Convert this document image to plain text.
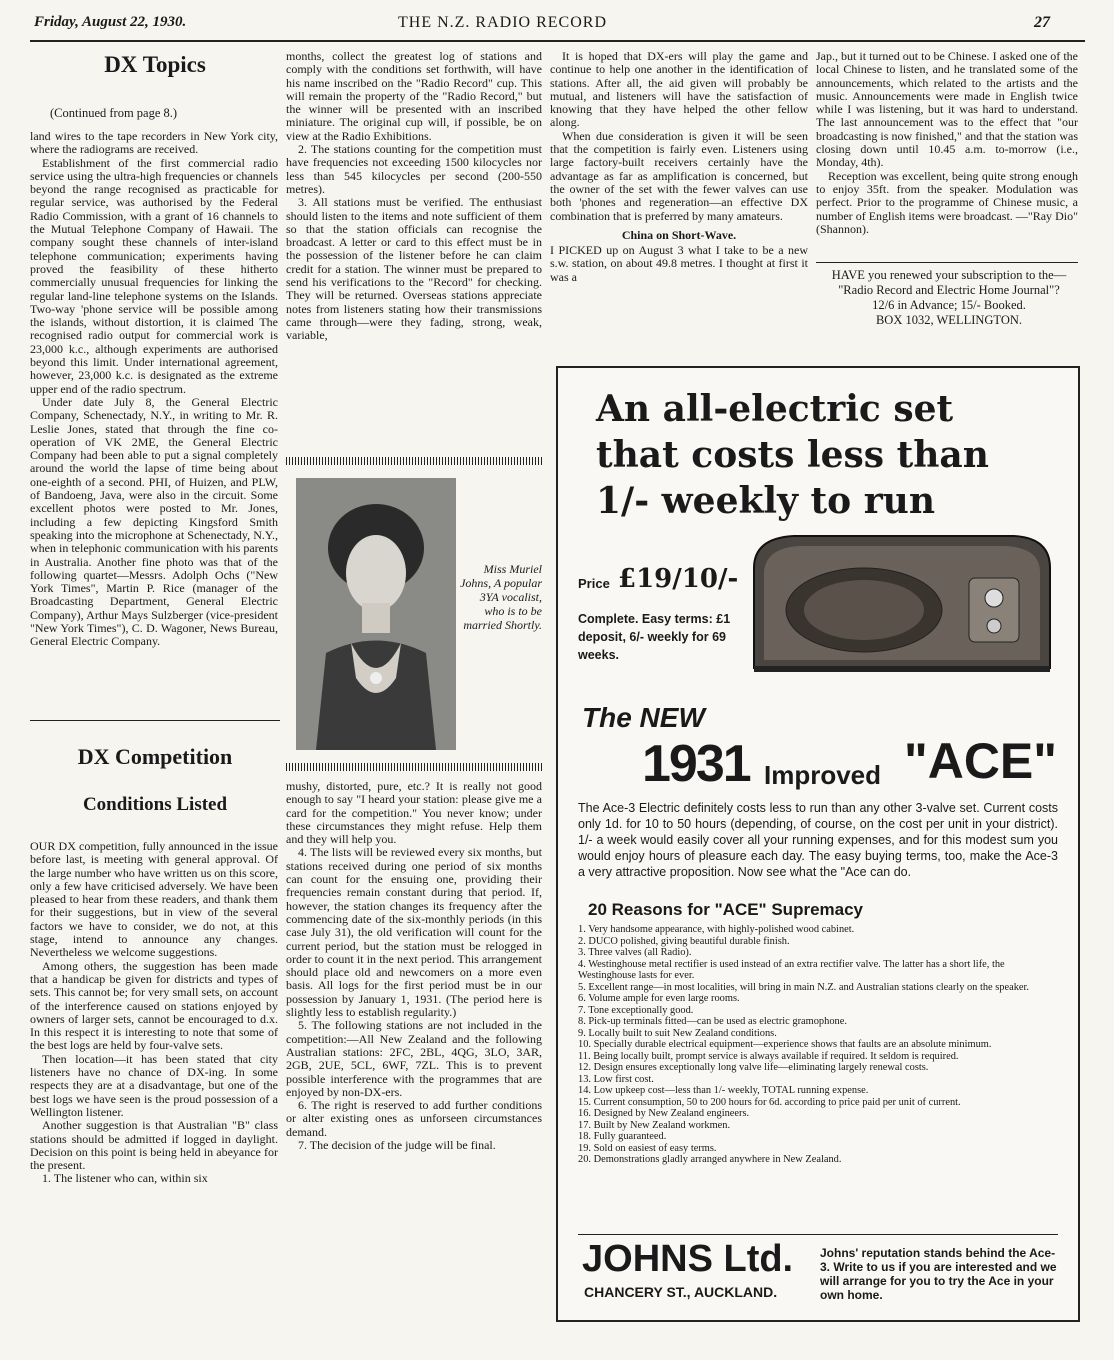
Friday, August 22, 1930.	THE N.Z. RADIO RECORD	27
DX Topics
(Continued from page 8.)

land wires to the tape recorders in New York city, where the radiograms are received.

Establishment of the first commercial radio service using the ultra-high frequencies or channels beyond the range recognised as practicable for regular service, was authorised by the Federal Radio Commission, with a grant of 16 channels to the Mutual Telephone Company of Hawaii. The company sought these channels of inter-island telephone communication; experiments having proved the feasibility of these hitherto commercially unusual frequencies for linking the regular land-line telephone systems on the Islands. Two-way 'phone service will be possible among the islands, without distortion, it is claimed The recognised radio output for commercial work is 23,000 k.c., although experiments are authorised beyond this limit. Under international agreement, however, 23,000 k.c. is designated as the extreme upper end of the radio spectrum.

Under date July 8, the General Electric Company, Schenectady, N.Y., in writing to Mr. R. Leslie Jones, stated that through the fine co-operation of VK 2ME, the General Electric Company had been able to put a signal completely around the world the lapse of time being about one-eighth of a second. PHI, of Huizen, and PLW, of Bandoeng, Java, were also in the circuit. Some excellent photos were posted to Mr. Jones, including a few depicting Kingsford Smith speaking into the microphone at Schenectady, N.Y., when in telephonic communication with his parents in Australia. Another fine photo was that of the following quartet—Messrs. Adolph Ochs ("New York Times", Martin P. Rice (manager of the Broadcasting Department, General Electric Company), Arthur Mays Sulzberger (vice-president "New York Times"), C. D. Wagoner, News Bureau, General Electric Company.

DX Competition
Conditions Listed

OUR DX competition, fully announced in the issue before last, is meeting with general approval. Of the large number who have written us on this score, only a few have criticised adversely. We have been pleased to hear from these readers, and thank them for their suggestions, but in view of the several factors we have to consider, we do not, at this stage, intend to announce any changes. Nevertheless we welcome suggestions.

Among others, the suggestion has been made that a handicap be given for districts and types of sets. This cannot be; for very small sets, on account of the interference caused on stations enjoyed by owners of larger sets, cannot be encouraged to d.x. In this respect it is interesting to note that some of the best logs are held by four-valve sets.

Then location—it has been stated that city listeners have no chance of DX-ing. In some respects they are at a disadvantage, but one of the best logs we have seen is the proud possession of a Wellington listener.

Another suggestion is that Australian "B" class stations should be admitted if logged in daylight. Decision on this point is being held in abeyance for the present.

1. The listener who can, within six

months, collect the greatest log of stations and comply with the conditions set forthwith, will have his name inscribed on the "Radio Record" cup. This will remain the property of the "Radio Record," but the winner will be presented with an inscribed miniature. The original cup will, if possible, be on view at the Radio Exhibitions.

2. The stations counting for the competition must have frequencies not exceeding 1500 kilocycles nor less than 545 kilocycles per second (200-550 metres).

3. All stations must be verified. The enthusiast should listen to the items and note sufficient of them so that the station officials can recognise the broadcast. A letter or card to this effect must be in the possession of the listener before he can claim credit for a station. The winner must be prepared to send his verifications to the "Record" for checking. They will be returned. Overseas stations appreciate notes from listeners stating how their transmissions came through—were they fading, strong, weak, variable,

Miss Muriel Johns, A popular 3YA vocalist, who is to be married Shortly.

mushy, distorted, pure, etc.? It is really not good enough to say "I heard your station: please give me a card for the competition." You never know; under these circumstances they might refuse. Help them and they will help you.

4. The lists will be reviewed every six months, but stations received during one period of six months can count for the ensuing one, providing their frequencies remain constant during that period. If, however, the station changes its frequency after the commencing date of the six-monthly periods (in this case July 31), the old verification will count for the current period, but the station must be relogged in order to count it in the next period. This arrangement should place old and newcomers on a more even basis. All logs for the first period must be in our possession by January 1, 1931. (The period here is slightly less to establish regularity.)

5. The following stations are not included in the competition:—All New Zealand and the following Australian stations: 2FC, 2BL, 4QG, 3LO, 3AR, 2GB, 2UE, 5CL, 6WF, 7ZL. This is to prevent possible interference with the programmes that are enjoyed by non-DX-ers.

6. The right is reserved to add further conditions or alter existing ones as unforseen circumstances demand.

7. The decision of the judge will be final.

It is hoped that DX-ers will play the game and continue to help one another in the identification of stations. After all, the aid given will probably be mutual, and listeners will have the satisfaction of knowing that they have helped the other fellow along.

When due consideration is given it will be seen that the competition is fairly even. Listeners using large factory-built receivers certainly have the advantage as far as amplification is concerned, but the owner of the set with the fewer valves can use both 'phones and regeneration—an effective DX combination that is preferred by many amateurs.

China on Short-Wave.

I PICKED up on August 3 what I take to be a new s.w. station, on about 49.8 metres. I thought at first it was a

Jap., but it turned out to be Chinese. I asked one of the local Chinese to listen, and he translated some of the announcements, which related to the artists and the music. Announcements were made in English twice while I was listening, but it was hard to understand. The last announcement was to the effect that "our broadcasting is now finished," and that the station was closing down until 10.45 a.m. to-morrow (i.e., Monday, 4th).

Reception was excellent, being quite strong enough to enjoy 35ft. from the speaker. Modulation was perfect. Prior to the programme of Chinese music, a number of English items were broadcast. —"Ray Dio" (Shannon).

HAVE you renewed your subscription to the— "Radio Record and Electric Home Journal"?
12/6 in Advance; 15/- Booked.
BOX 1032, WELLINGTON.
An all-electric set
that costs less than
1/- weekly to run
Price £19/10/-
Complete. Easy terms: £1 deposit, 6/- weekly for 69 weeks.
The NEW
1931 Improved "ACE"
The Ace-3 Electric definitely costs less to run than any other 3-valve set. Current costs only 1d. for 10 to 50 hours (depending, of course, on the cost per unit in your district). 1/- a week would easily cover all your running expenses, and for this modest sum you would enjoy hours of pleasure each day. The easy buying terms, too, make the Ace-3 a very attractive proposition. Now see what the "Ace can do.
20 Reasons for "ACE" Supremacy
1. Very handsome appearance, with highly-polished wood cabinet.
2. DUCO polished, giving beautiful durable finish.
3. Three valves (all Radio).
4. Westinghouse metal rectifier is used instead of an extra rectifier valve. The latter has a short life, the Westinghouse lasts for ever.
5. Excellent range—in most localities, will bring in main N.Z. and Australian stations clearly on the speaker.
6. Volume ample for even large rooms.
7. Tone exceptionally good.
8. Pick-up terminals fitted—can be used as electric gramophone.
9. Locally built to suit New Zealand conditions.
10. Specially durable electrical equipment—experience shows that faults are an absolute minimum.
11. Being locally built, prompt service is always available if required. It seldom is required.
12. Design ensures exceptionally long valve life—eliminating largely renewal costs.
13. Low first cost.
14. Low upkeep cost—less than 1/- weekly, TOTAL running expense.
15. Current consumption, 50 to 200 hours for 6d. according to price paid per unit of current.
16. Designed by New Zealand engineers.
17. Built by New Zealand workmen.
18. Fully guaranteed.
19. Sold on easiest of easy terms.
20. Demonstrations gladly arranged anywhere in New Zealand.
JOHNS Ltd.
CHANCERY ST., AUCKLAND.
Johns' reputation stands behind the Ace-3. Write to us if you are interested and we will arrange for you to try the Ace in your own home.
